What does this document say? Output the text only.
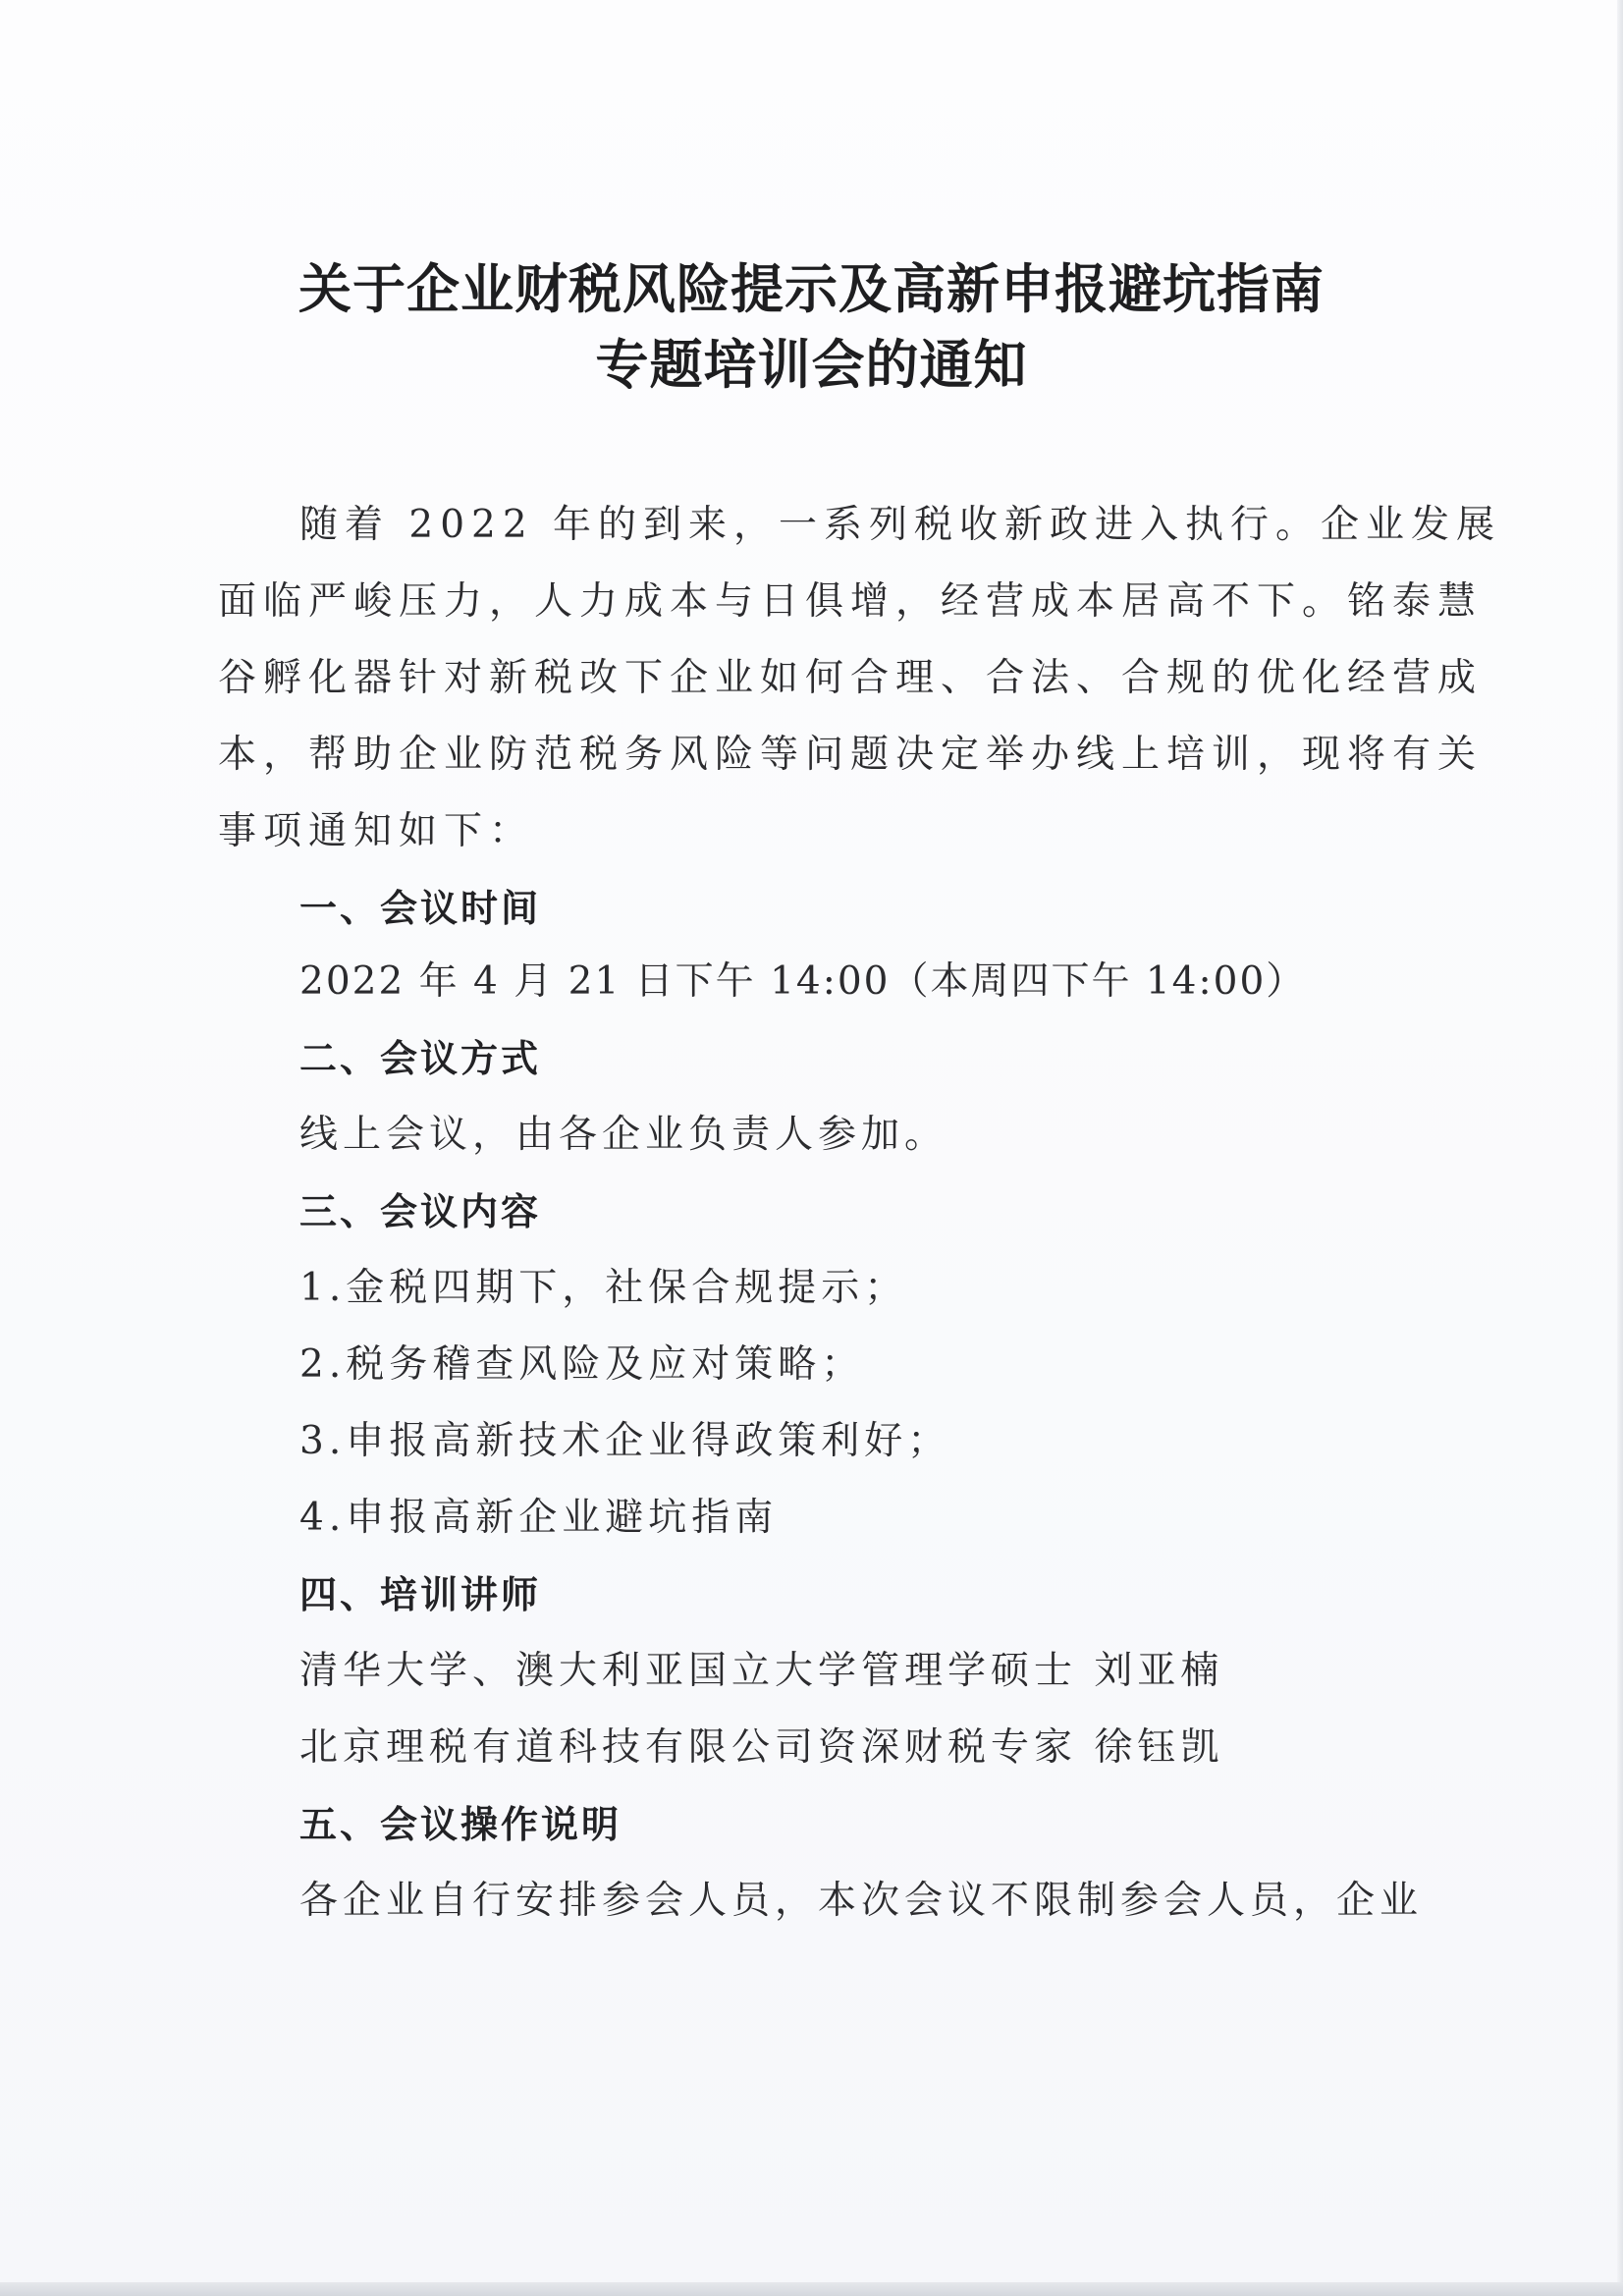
关于企业财税风险提示及高新申报避坑指南
专题培训会的通知
随着 2022 年的到来，一系列税收新政进入执行。企业发展
面临严峻压力，人力成本与日俱增，经营成本居高不下。铭泰慧
谷孵化器针对新税改下企业如何合理、合法、合规的优化经营成
本，帮助企业防范税务风险等问题决定举办线上培训，现将有关
事项通知如下：
一、会议时间
2022 年 4 月 21 日下午 14:00（本周四下午 14:00）
二、会议方式
线上会议，由各企业负责人参加。
三、会议内容
1.金税四期下，社保合规提示；
2.税务稽查风险及应对策略；
3.申报高新技术企业得政策利好；
4.申报高新企业避坑指南
四、培训讲师
清华大学、澳大利亚国立大学管理学硕士 刘亚楠
北京理税有道科技有限公司资深财税专家 徐钰凯
五、会议操作说明
各企业自行安排参会人员，本次会议不限制参会人员，企业
